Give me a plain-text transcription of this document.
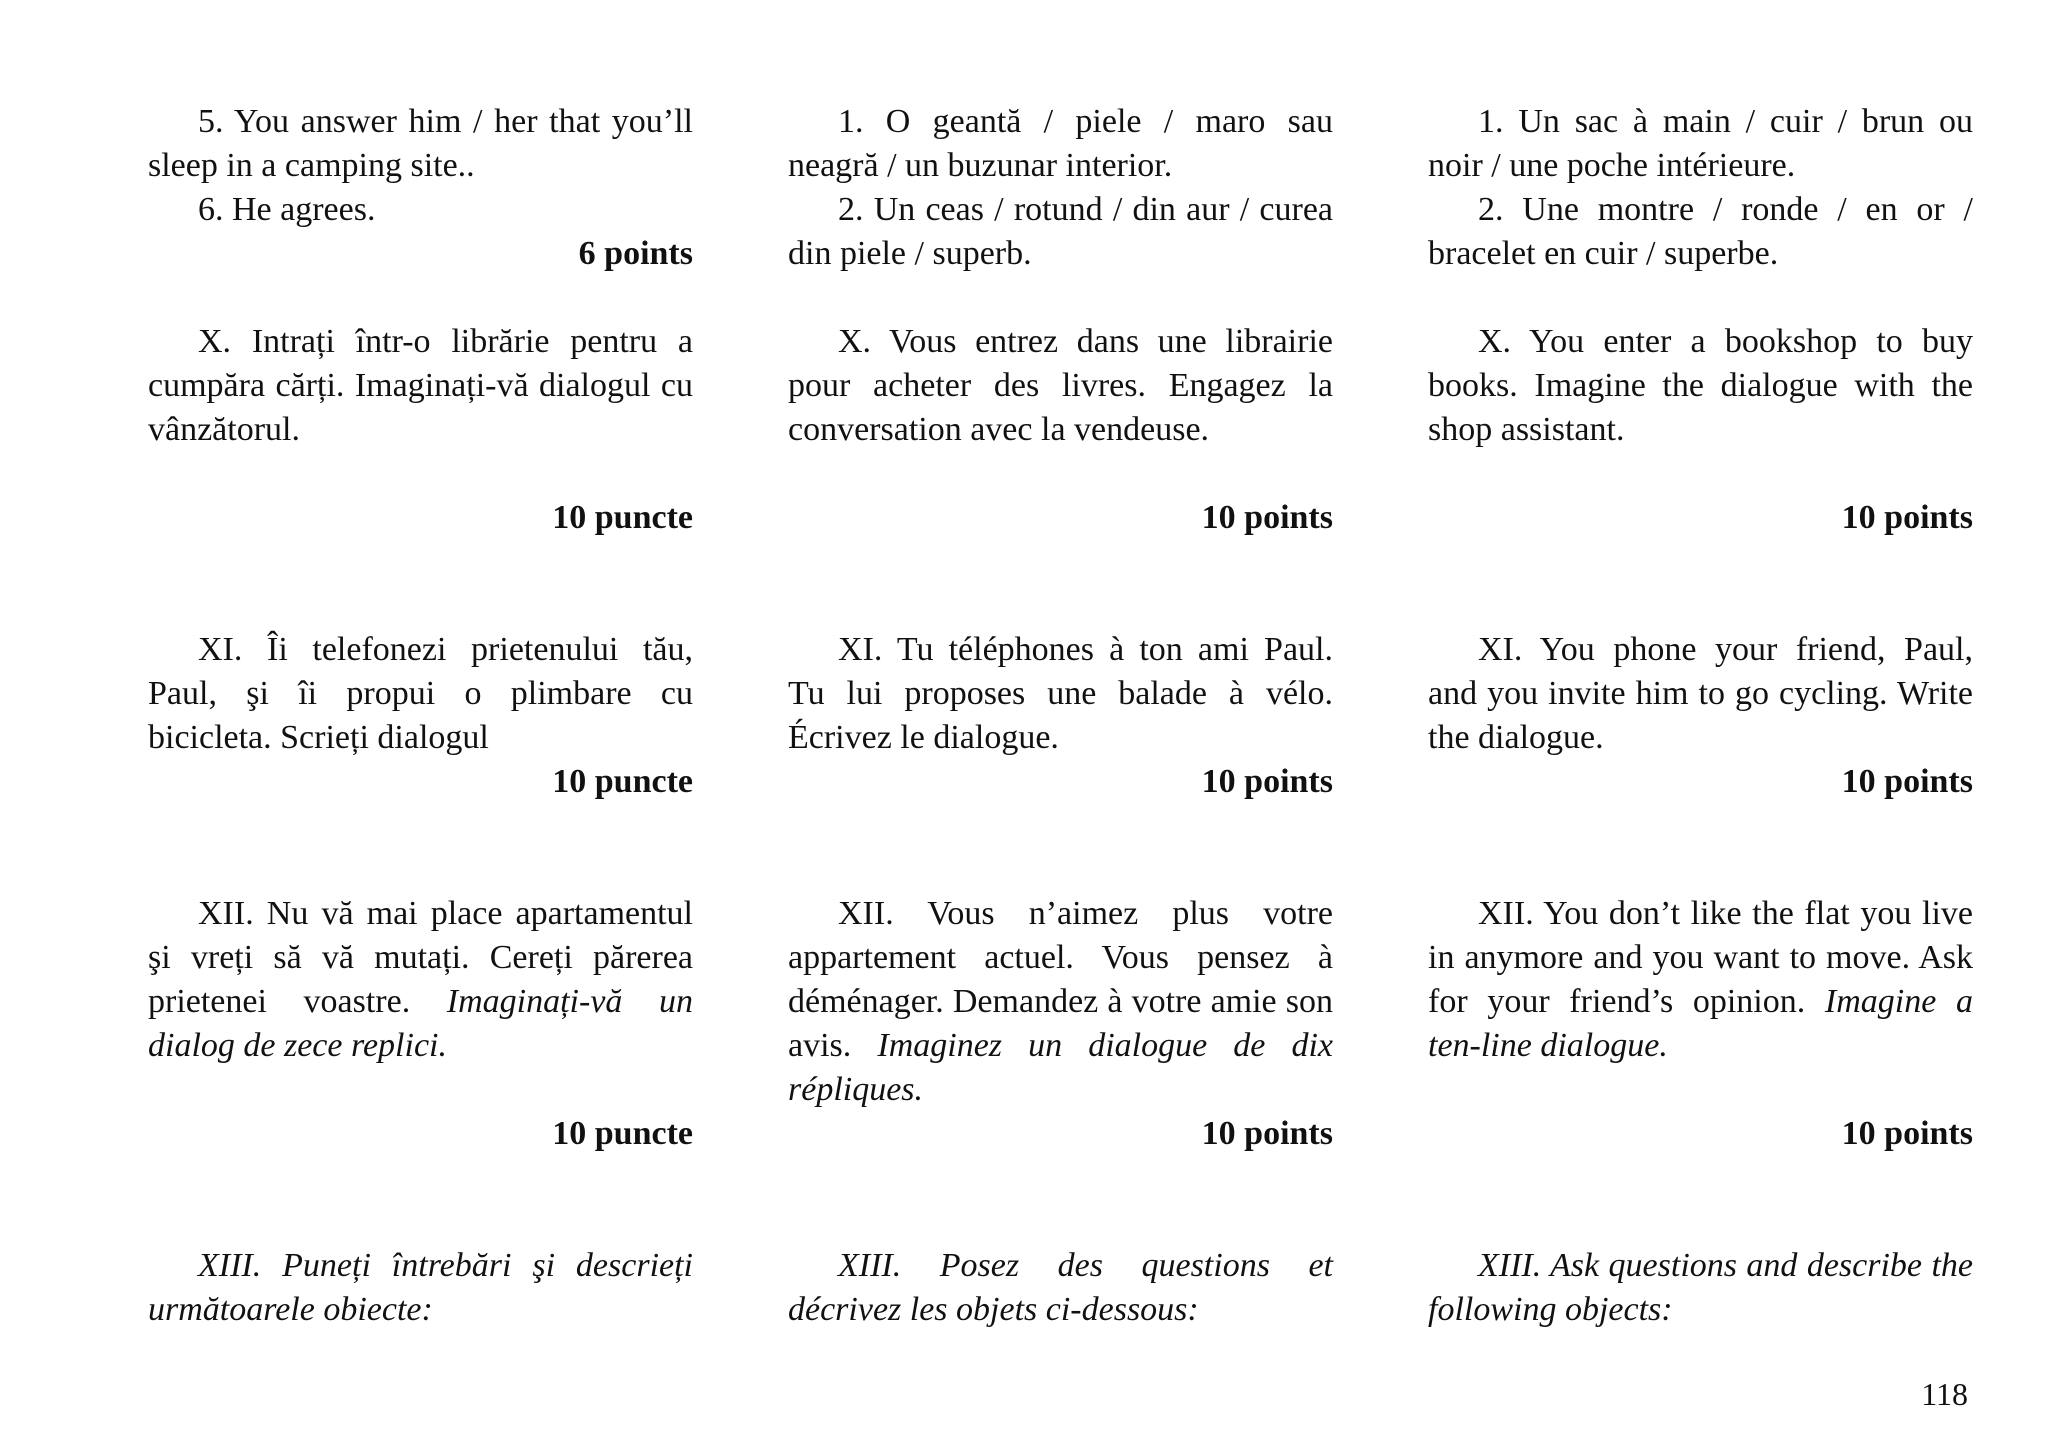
5. You answer him / her that you’ll sleep in a camping site..

6. He agrees.

6 points

X. Intrați într-o librărie pentru a cumpăra cărți. Imaginați-vă dialogul cu vânzătorul.

10 puncte

XI. Îi telefonezi prietenului tău, Paul, şi îi propui o plimbare cu bicicleta. Scrieți dialogul

10 puncte

XII. Nu vă mai place apartamentul şi vreți să vă mutați. Cereți părerea prietenei voastre. Imaginați-vă un dialog de zece replici.

10 puncte

XIII. Puneți întrebări şi descrieți următoarele obiecte:

1. O geantă / piele / maro sau neagră / un buzunar interior.

2. Un ceas / rotund / din aur / curea din piele / superb.

X. Vous entrez dans une librairie pour acheter des livres. Engagez la conversation avec la vendeuse.

10 points

XI. Tu téléphones à ton ami Paul. Tu lui proposes une balade à vélo. Écrivez le dialogue.

10 points

XII. Vous n’aimez plus votre appartement actuel. Vous pensez à déménager. Demandez à votre amie son avis. Imaginez un dialogue de dix répliques.

10 points

XIII. Posez des questions et décrivez les objets ci-dessous:

1. Un sac à main / cuir / brun ou noir / une poche intérieure.

2. Une montre / ronde / en or / bracelet en cuir / superbe.

X. You enter a bookshop to buy books. Imagine the dialogue with the shop assistant.

10 points

XI. You phone your friend, Paul, and you invite him to go cycling. Write the dialogue.

10 points

XII. You don’t like the flat you live in anymore and you want to move. Ask for your friend’s opinion. Imagine a ten-line dialogue.

10 points

XIII. Ask questions and describe the following objects:

118
